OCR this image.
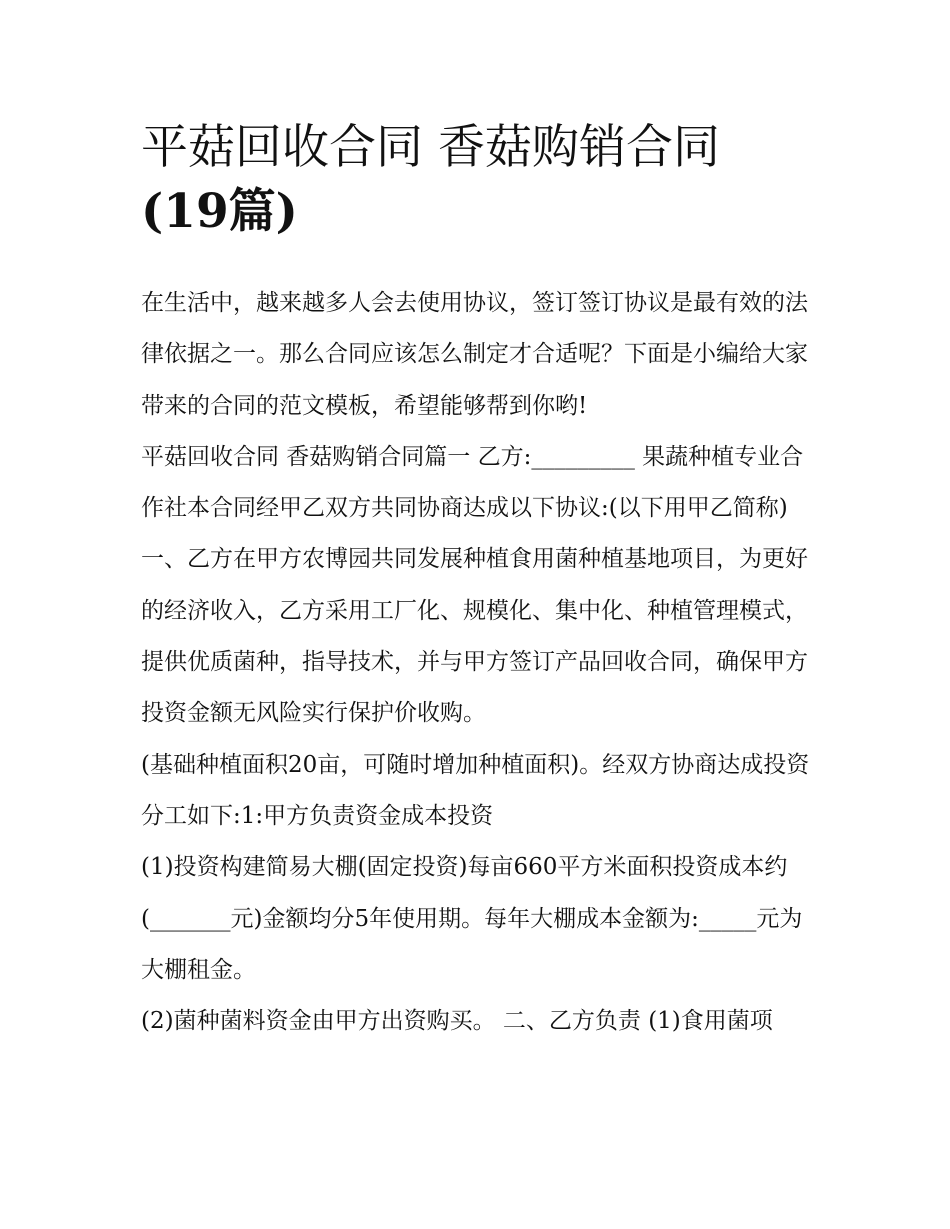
平菇回收合同 香菇购销合同
(19篇)

在生活中，越来越多人会去使用协议，签订签订协议是最有效的法律依据之一。那么合同应该怎么制定才合适呢？下面是小编给大家带来的合同的范文模板，希望能够帮到你哟!

平菇回收合同 香菇购销合同篇一 乙方:_________ 果蔬种植专业合作社本合同经甲乙双方共同协商达成以下协议:(以下用甲乙简称)

一、乙方在甲方农博园共同发展种植食用菌种植基地项目，为更好的经济收入，乙方采用工厂化、规模化、集中化、种植管理模式，提供优质菌种，指导技术，并与甲方签订产品回收合同，确保甲方投资金额无风险实行保护价收购。

(基础种植面积20亩，可随时增加种植面积)。经双方协商达成投资分工如下:1:甲方负责资金成本投资

(1)投资构建简易大棚(固定投资)每亩660平方米面积投资成本约(_______元)金额均分5年使用期。每年大棚成本金额为:_____元为大棚租金。

(2)菌种菌料资金由甲方出资购买。 二、乙方负责 (1)食用菌项
